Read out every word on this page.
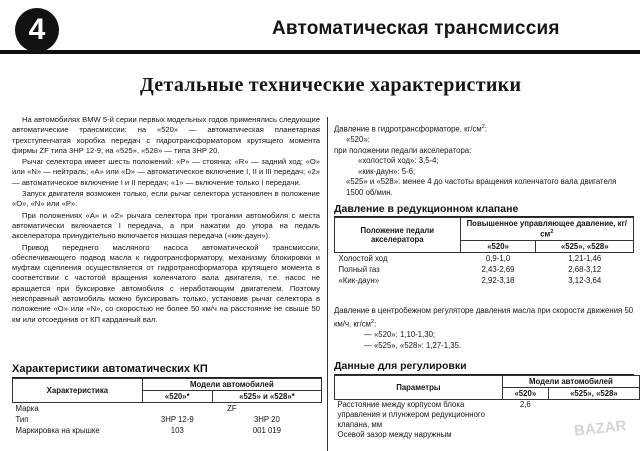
4	Автоматическая трансмиссия
Детальные технические характеристики

На автомобилях BMW 5-й серии первых модельных годов применялись следующие автоматические трансмиссии: на «520» — автоматическая планетарная трехступенчатая коробка передач с гидротрансформатором крутящего момента фирмы ZF типа 3HP 12-9, на «525», «528» — типа 3HP 20.

Рычаг селектора имеет шесть положений: «P» — стоянка; «R» — задний ход; «O» или «N» — нейтраль; «А» или «D» — автоматическое включение I, II и III передач; «2» — автоматическое включение I и II передач; «1» — включение только I передачи.

Запуск двигателя возможен только, если рычаг селектора установлен в положение «O», «N» или «P».

При положениях «А» и «2» рычага селектора при трогании автомобиля с места автоматически включается I передача, а при нажатии до упора на педаль акселератора принудительно включается низшая передача («кик-даун»).

Привод переднего масляного насоса автоматической трансмиссии, обеспечивающего подвод масла к гидротрансформатору, механизму блокировки и муфтам сцепления осуществляется от гидротрансформатора крутящего момента в соответствии с частотой вращения коленчатого вала двигателя, т.е. насос не вращается при буксировке автомобиля с неработающим двигателем. Поэтому неисправный автомобиль можно буксировать только, установив рычаг селектора в положение «O» или «N», со скоростью не более 50 км/ч на расстояние не свыше 50 км или отсоединив от КП карданный вал.

Характеристики автоматических КП
Характеристика	Модели автомобилей	
	«520»*	«525» и «528»*
Марка	ZF	
Тип	3HP 12-9	3HP 20
Маркировка на крышке	103	001 019
Давление в гидротрансформаторе, $кг/см^2$:
«520»:
при положении педали акселератора:
«холостой ход»: 3,5-4;
«кик-даун»: 5-6;
«525» и «528»: менее 4 до частоты вращения коленчатого вала двигателя 1500 об/мин.
Давление в редукционном клапане
Положение педали акселератора	Повышенное управляющее давление, $кг/см^2$
	«520»	«525», «528»
Холостой ход	0,9-1,0	1,21-1,46
Полный газ	2,43-2,69	2,68-3,12
«Кик-даун»	2,92-3,18	3,12-3,64
Давление в центробежном регуляторе давления масла при скорости движения 50 км/ч, $кг/см^2$:
— «520»: 1,10-1,30;
— «525», «528»: 1,27-1,35.
Данные для регулировки
Параметры	Модели автомобилей	
	«520»	«525», «528»
Расстояние между корпусом блока управления и плунжером редукционного клапана, мм	2,6	
Осевой зазор между наружным			BAZAR
